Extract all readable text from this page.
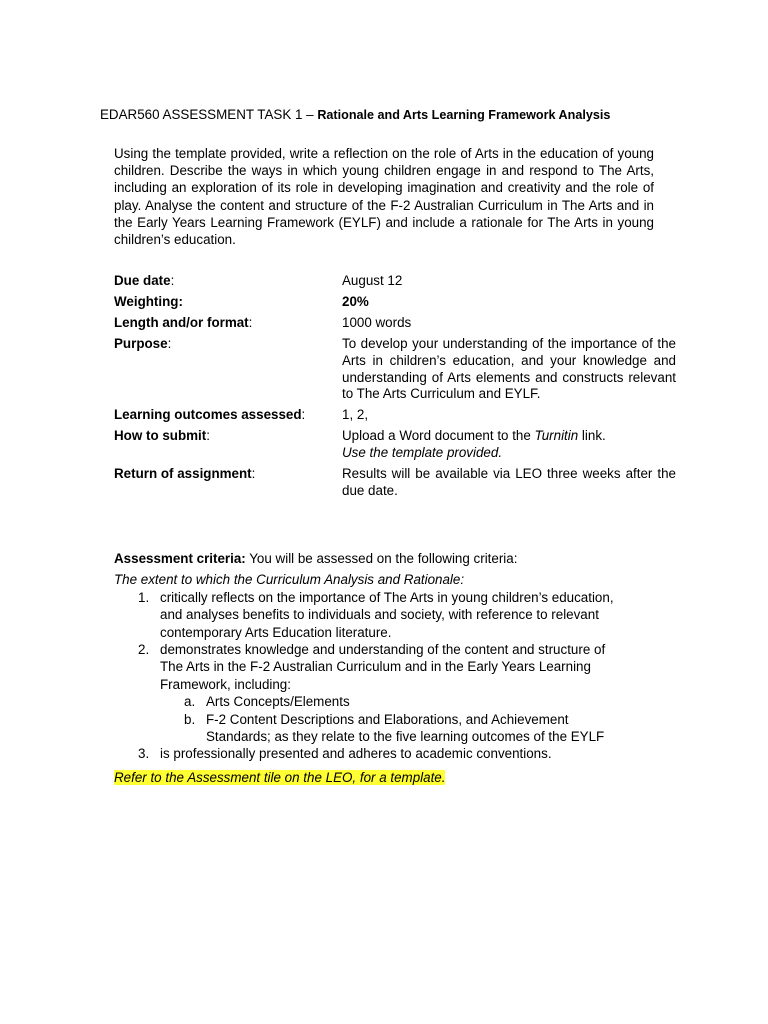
EDAR560 ASSESSMENT TASK 1 – Rationale and Arts Learning Framework Analysis
Using the template provided, write a reflection on the role of Arts in the education of young children. Describe the ways in which young children engage in and respond to The Arts, including an exploration of its role in developing imagination and creativity and the role of play. Analyse the content and structure of the F-2 Australian Curriculum in The Arts and in the Early Years Learning Framework (EYLF) and include a rationale for The Arts in young children’s education.
Due date:	August 12
Weighting:	20%
Length and/or format:	1000 words
Purpose:	To develop your understanding of the importance of the Arts in children’s education, and your knowledge and understanding of Arts elements and constructs relevant to The Arts Curriculum and EYLF.
Learning outcomes assessed:	1, 2,
How to submit:	Upload a Word document to the Turnitin link.
Use the template provided.
Return of assignment:	Results will be available via LEO three weeks after the due date.
Assessment criteria: You will be assessed on the following criteria:
The extent to which the Curriculum Analysis and Rationale:
1. critically reflects on the importance of The Arts in young children’s education,
and analyses benefits to individuals and society, with reference to relevant
contemporary Arts Education literature.
2. demonstrates knowledge and understanding of the content and structure of
The Arts in the F-2 Australian Curriculum and in the Early Years Learning
Framework, including:
a. Arts Concepts/Elements
b. F-2 Content Descriptions and Elaborations, and Achievement
Standards; as they relate to the five learning outcomes of the EYLF
3. is professionally presented and adheres to academic conventions.
Refer to the Assessment tile on the LEO, for a template.
